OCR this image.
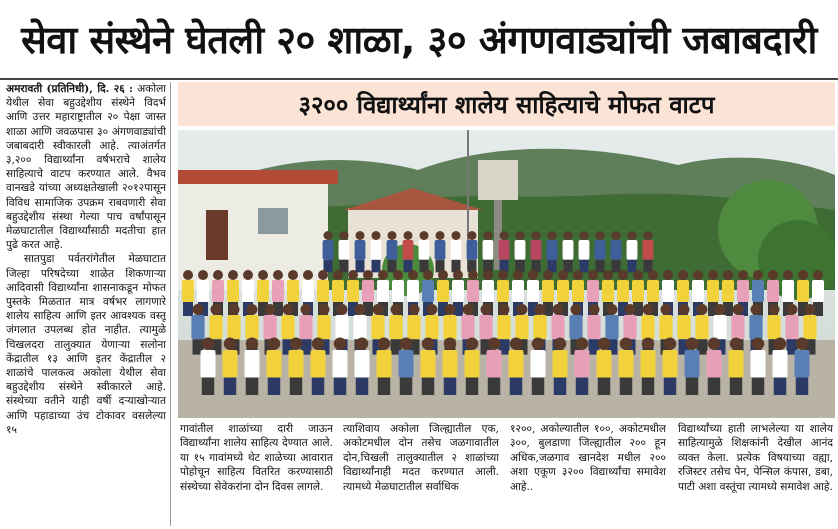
सेवा संस्थेने घेतली २० शाळा, ३० अंगणवाड्यांची जबाबदारी

अमरावती (प्रतिनिधी), दि. २६ : अकोला येथील सेवा बहुउद्देशीय संस्थेने विदर्भ आणि उत्तर महाराष्ट्रातील २० पेक्षा जास्त शाळा आणि जवळपास ३० अंगणवाड्यांची जबाबदारी स्वीकारली आहे. त्याअंतर्गत ३,२०० विद्यार्थ्यांना वर्षभराचे शालेय साहित्याचे वाटप करण्यात आले. वैभव वानखडे यांच्या अध्यक्षतेखाली २०१२पासून विविध सामाजिक उपक्रम राबवणारी सेवा बहुउद्देशीय संस्था गेल्या पाच वर्षांपासून मेळघाटातील विद्यार्थ्यांसाठी मदतीचा हात पुढे करत आहे.

सातपुडा पर्वतरांगेतील मेळघाटात जिल्हा परिषदेच्या शाळेत शिकणाऱ्या आदिवासी विद्यार्थ्यांना शासनाकडून मोफत पुस्तके मिळतात मात्र वर्षभर लागणारे शालेय साहित्य आणि इतर आवश्यक वस्तू जंगलात उपलब्ध होत नाहीत. त्यामुळे चिखलदरा तालुक्यात येणाऱ्या सलोना केंद्रातील १३ आणि इतर केंद्रातील २ शाळांचे पालकत्व अकोला येथील सेवा बहुउद्देशीय संस्थेने स्वीकारले आहे. संस्थेच्या वतीने याही वर्षी दऱ्याखोऱ्यात आणि पहाडाच्या उंच टोकावर वसलेल्या १५

३२०० विद्यार्थ्यांना शालेय साहित्याचे मोफत वाटप

गावांतील शाळांच्या दारी जाऊन विद्यार्थ्यांना शालेय साहित्य देण्यात आले. या १५ गावांमध्ये थेट शाळेच्या आवारात पोहोचून साहित्य वितरित करण्यासाठी संस्थेच्या सेवेकरांना दोन दिवस लागले.

त्याशिवाय अकोला जिल्ह्यातील एक, अकोटमधील दोन तसेच जळगावातील दोन,चिखली तालुक्यातील २ शाळांच्या विद्यार्थ्यांनाही मदत करण्यात आली. त्यामध्ये मेळघाटातील सर्वाधिक

१२००, अकोल्यातील १००, अकोटमधील ३००, बुलडाणा जिल्ह्यातील २०० हून अधिक,जळगाव खानदेश मधील २०० अशा एकूण ३२०० विद्यार्थ्यांचा समावेश आहे..

विद्यार्थ्यांच्या हाती लाभलेल्या या शालेय साहित्यामुळे शिक्षकांनी देखील आनंद व्यक्त केला. प्रत्येक विषयाच्या वह्या, रजिस्टर तसेच पेन, पेन्सिल कंपास, डबा, पाटी अशा वस्तूंचा त्यामध्ये समावेश आहे.
